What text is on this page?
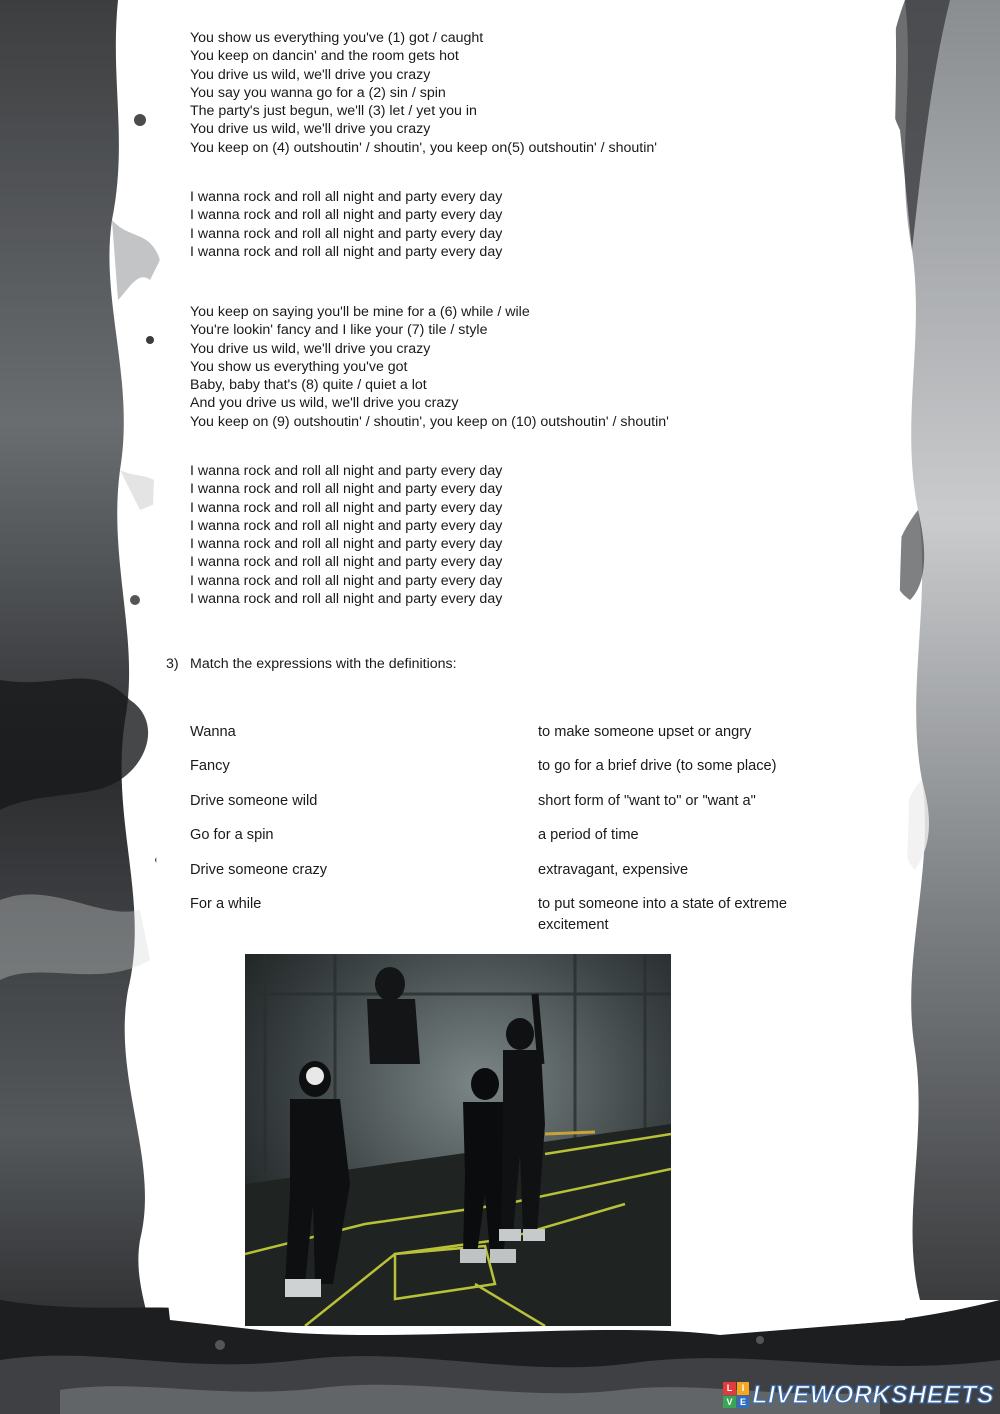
You show us everything you've (1) got / caught
You keep on dancin' and the room gets hot
You drive us wild, we'll drive you crazy
You say you wanna go for a (2) sin / spin
The party's just begun, we'll (3) let / yet you in
You drive us wild, we'll drive you crazy
You keep on (4) outshoutin' / shoutin', you keep on(5) outshoutin' / shoutin'
I wanna rock and roll all night and party every day
I wanna rock and roll all night and party every day
I wanna rock and roll all night and party every day
I wanna rock and roll all night and party every day
You keep on saying you'll be mine for a (6) while / wile
You're lookin' fancy and I like your (7) tile / style
You drive us wild, we'll drive you crazy
You show us everything you've got
Baby, baby that's (8) quite / quiet a lot
And you drive us wild, we'll drive you crazy
You keep on (9) outshoutin' / shoutin', you keep on (10) outshoutin' / shoutin'
I wanna rock and roll all night and party every day
I wanna rock and roll all night and party every day
I wanna rock and roll all night and party every day
I wanna rock and roll all night and party every day
I wanna rock and roll all night and party every day
I wanna rock and roll all night and party every day
I wanna rock and roll all night and party every day
I wanna rock and roll all night and party every day
3) Match the expressions with the definitions:
Wanna	to make someone upset or angry
Fancy	to go for a brief drive (to some place)
Drive someone wild	short form of "want to" or "want a"
Go for a spin	a period of time
Drive someone crazy	extravagant, expensive
For a while	to put someone into a state of extreme excitement
L	I
V E LIVEWORKSHEETS
